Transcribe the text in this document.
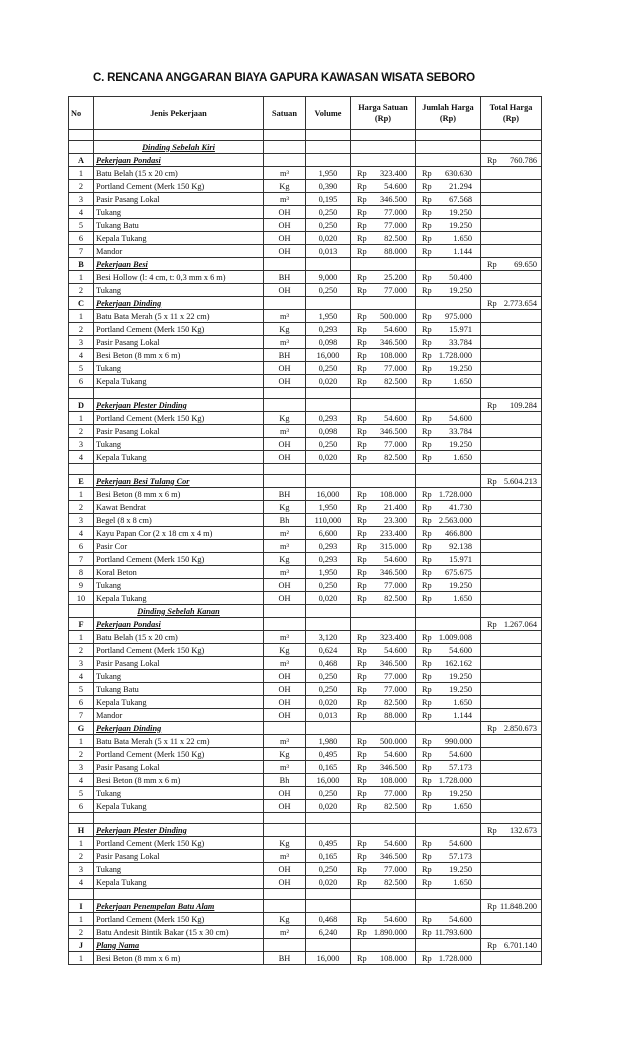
C. RENCANA ANGGARAN BIAYA GAPURA KAWASAN WISATA SEBORO
No	Jenis Pekerjaan	Satuan	Volume	Harga Satuan (Rp)	Jumlah Harga (Rp)	Total Harga (Rp)

	Dinding Sebelah Kiri					
A	Pekerjaan Pondasi					Rp 760.786

1	Batu Belah (15 x 20 cm)	m³	1,950	Rp 323.400	Rp 630.630	

2	Portland Cement (Merk 150 Kg)	Kg	0,390	Rp 54.600	Rp 21.294	

3	Pasir Pasang Lokal	m³	0,195	Rp 346.500	Rp 67.568	

4	Tukang	OH	0,250	Rp 77.000	Rp 19.250	

5	Tukang Batu	OH	0,250	Rp 77.000	Rp 19.250	

6	Kepala Tukang	OH	0,020	Rp 82.500	Rp 1.650	

7	Mandor	OH	0,013	Rp 88.000	Rp 1.144	

B	Pekerjaan Besi					Rp 69.650

1	Besi Hollow (l: 4 cm, t: 0,3 mm x 6 m)	BH	9,000	Rp 25.200	Rp 50.400	

2	Tukang	OH	0,250	Rp 77.000	Rp 19.250	

C	Pekerjaan Dinding					Rp 2.773.654

1	Batu Bata Merah (5 x 11 x 22 cm)	m³	1,950	Rp 500.000	Rp 975.000	

2	Portland Cement (Merk 150 Kg)	Kg	0,293	Rp 54.600	Rp 15.971	

3	Pasir Pasang Lokal	m³	0,098	Rp 346.500	Rp 33.784	

4	Besi Beton (8 mm x 6 m)	BH	16,000	Rp 108.000	Rp 1.728.000	

5	Tukang	OH	0,250	Rp 77.000	Rp 19.250	

6	Kepala Tukang	OH	0,020	Rp 82.500	Rp 1.650	

D	Pekerjaan Plester Dinding					Rp 109.284

1	Portland Cement (Merk 150 Kg)	Kg	0,293	Rp 54.600	Rp 54.600	

2	Pasir Pasang Lokal	m³	0,098	Rp 346.500	Rp 33.784	

3	Tukang	OH	0,250	Rp 77.000	Rp 19.250	

4	Kepala Tukang	OH	0,020	Rp 82.500	Rp 1.650	

E	Pekerjaan Besi Tulang Cor					Rp 5.604.213

1	Besi Beton (8 mm x 6 m)	BH	16,000	Rp 108.000	Rp 1.728.000	

2	Kawat Bendrat	Kg	1,950	Rp 21.400	Rp 41.730	

3	Begel (8 x 8 cm)	Bh	110,000	Rp 23.300	Rp 2.563.000	

4	Kayu Papan Cor (2 x 18 cm x 4 m)	m²	6,600	Rp 233.400	Rp 466.800	

6	Pasir Cor	m³	0,293	Rp 315.000	Rp 92.138	

7	Portland Cement (Merk 150 Kg)	Kg	0,293	Rp 54.600	Rp 15.971	

8	Koral Beton	m³	1,950	Rp 346.500	Rp 675.675	

9	Tukang	OH	0,250	Rp 77.000	Rp 19.250	

10	Kepala Tukang	OH	0,020	Rp 82.500	Rp 1.650	

	Dinding Sebelah Kanan					
F	Pekerjaan Pondasi					Rp 1.267.064

1	Batu Belah (15 x 20 cm)	m³	3,120	Rp 323.400	Rp 1.009.008	

2	Portland Cement (Merk 150 Kg)	Kg	0,624	Rp 54.600	Rp 54.600	

3	Pasir Pasang Lokal	m³	0,468	Rp 346.500	Rp 162.162	

4	Tukang	OH	0,250	Rp 77.000	Rp 19.250	

5	Tukang Batu	OH	0,250	Rp 77.000	Rp 19.250	

6	Kepala Tukang	OH	0,020	Rp 82.500	Rp 1.650	

7	Mandor	OH	0,013	Rp 88.000	Rp 1.144	

G	Pekerjaan Dinding					Rp 2.850.673

1	Batu Bata Merah (5 x 11 x 22 cm)	m³	1,980	Rp 500.000	Rp 990.000	

2	Portland Cement (Merk 150 Kg)	Kg	0,495	Rp 54.600	Rp 54.600	

3	Pasir Pasang Lokal	m³	0,165	Rp 346.500	Rp 57.173	

4	Besi Beton (8 mm x 6 m)	Bh	16,000	Rp 108.000	Rp 1.728.000	

5	Tukang	OH	0,250	Rp 77.000	Rp 19.250	

6	Kepala Tukang	OH	0,020	Rp 82.500	Rp 1.650	

H	Pekerjaan Plester Dinding					Rp 132.673

1	Portland Cement (Merk 150 Kg)	Kg	0,495	Rp 54.600	Rp 54.600	

2	Pasir Pasang Lokal	m³	0,165	Rp 346.500	Rp 57.173	

3	Tukang	OH	0,250	Rp 77.000	Rp 19.250	

4	Kepala Tukang	OH	0,020	Rp 82.500	Rp 1.650	

I	Pekerjaan Penempelan Batu Alam					Rp 11.848.200

1	Portland Cement (Merk 150 Kg)	Kg	0,468	Rp 54.600	Rp 54.600	

2	Batu Andesit Bintik Bakar (15 x 30 cm)	m²	6,240	Rp 1.890.000	Rp 11.793.600	

J	Plang Nama					Rp 6.701.140

1	Besi Beton (8 mm x 6 m)	BH	16,000	Rp 108.000	Rp 1.728.000	
